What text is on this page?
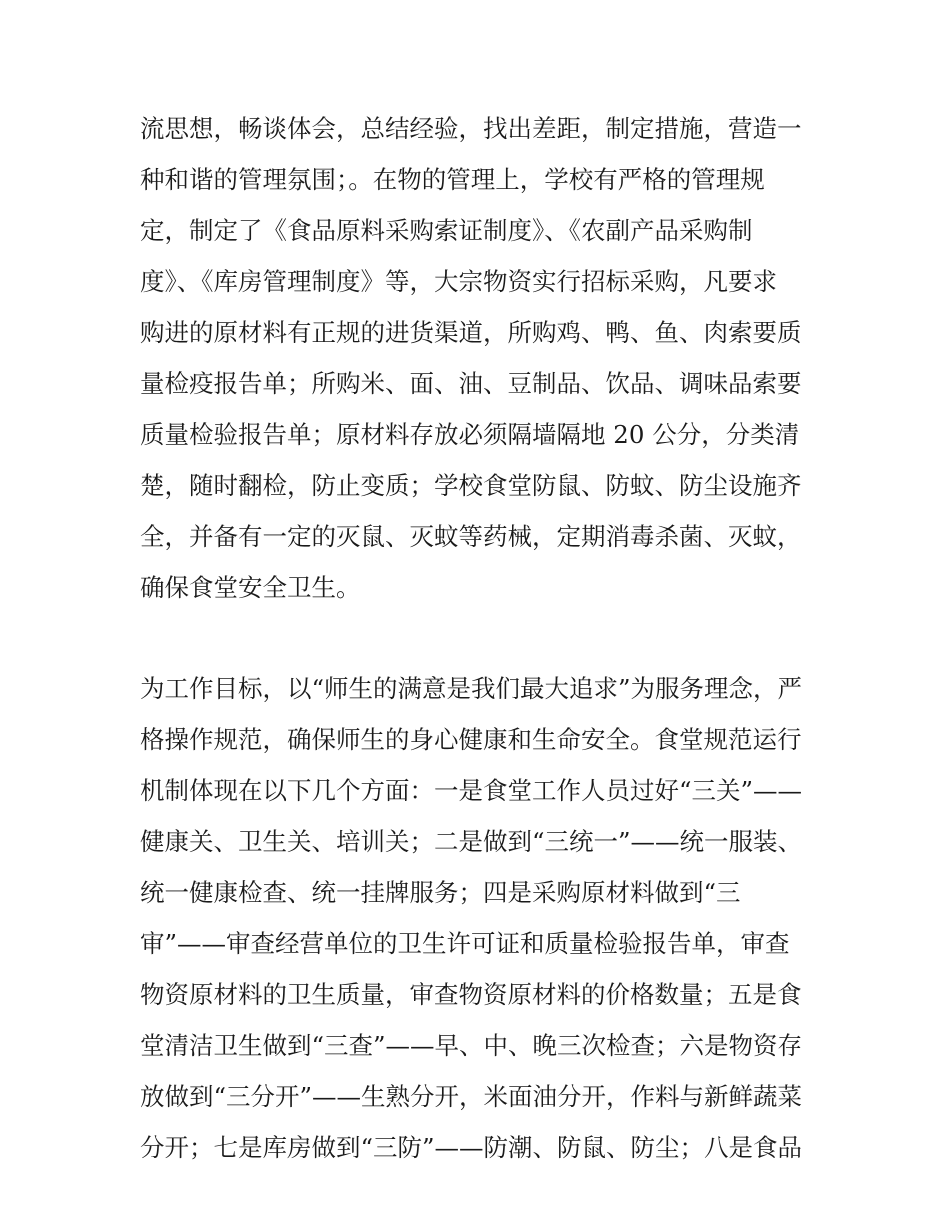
流思想，畅谈体会，总结经验，找出差距，制定措施，营造一
种和谐的管理氛围；。在物的管理上，学校有严格的管理规
定，制定了《食品原料采购索证制度》、《农副产品采购制
度》、《库房管理制度》等，大宗物资实行招标采购，凡要求
购进的原材料有正规的进货渠道，所购鸡、鸭、鱼、肉索要质
量检疫报告单；所购米、面、油、豆制品、饮品、调味品索要
质量检验报告单；原材料存放必须隔墙隔地 20 公分，分类清
楚，随时翻检，防止变质；学校食堂防鼠、防蚊、防尘设施齐
全，并备有一定的灭鼠、灭蚊等药械，定期消毒杀菌、灭蚊，
确保食堂安全卫生。
为工作目标，以“师生的满意是我们最大追求”为服务理念，严
格操作规范，确保师生的身心健康和生命安全。食堂规范运行
机制体现在以下几个方面：一是食堂工作人员过好“三关”——
健康关、卫生关、培训关；二是做到“三统一”——统一服装、
统一健康检查、统一挂牌服务；四是采购原材料做到“三
审”——审查经营单位的卫生许可证和质量检验报告单，审查
物资原材料的卫生质量，审查物资原材料的价格数量；五是食
堂清洁卫生做到“三查”——早、中、晚三次检查；六是物资存
放做到“三分开”——生熟分开，米面油分开，作料与新鲜蔬菜
分开；七是库房做到“三防”——防潮、防鼠、防尘；八是食品
